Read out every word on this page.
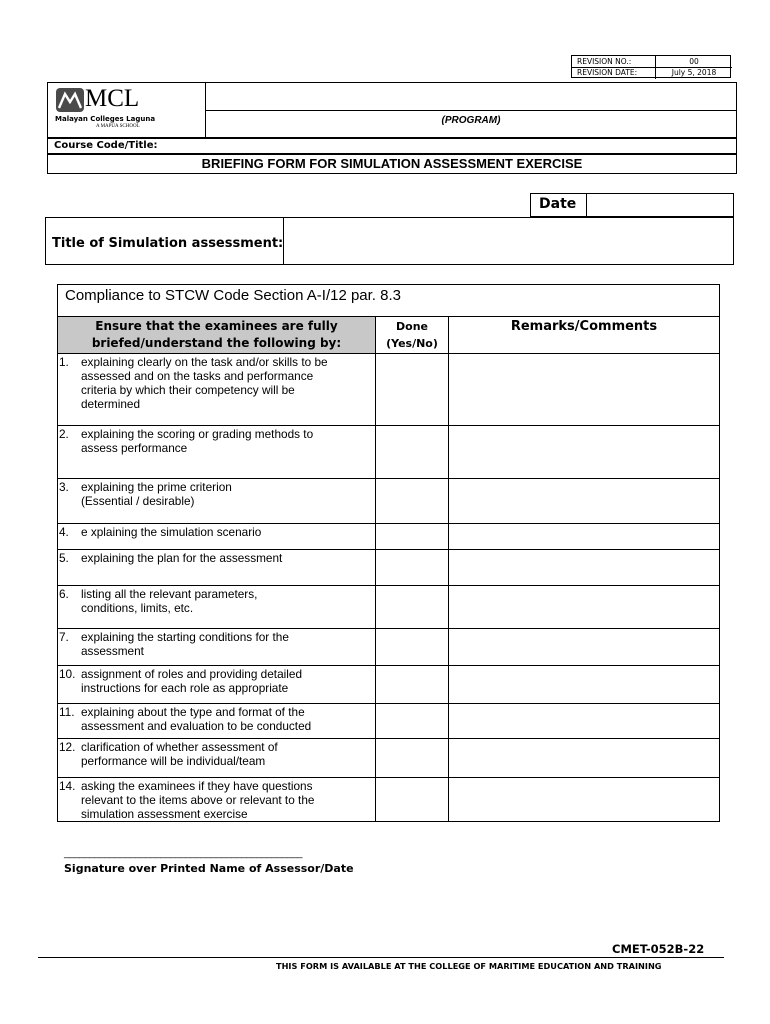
REVISION NO.:	00
REVISION DATE:	July 5, 2018
MCL
Malayan Colleges Laguna
A MAPÚA SCHOOL
(PROGRAM)
Course Code/Title:
BRIEFING FORM FOR SIMULATION ASSESSMENT EXERCISE
Date
Title of Simulation assessment:
Compliance to STCW Code Section A-I/12 par. 8.3
Ensure that the examinees are fully
briefed/understand the following by:
Done
(Yes/No)
Remarks/Comments
1. explaining clearly on the task and/or skills to be
assessed and on the tasks and performance
criteria by which their competency will be
determined
2. explaining the scoring or grading methods to
assess performance
3. explaining the prime criterion
(Essential / desirable)
4. e xplaining the simulation scenario
5. explaining the plan for the assessment
6. listing all the relevant parameters,
conditions, limits, etc.
7. explaining the starting conditions for the
assessment
10. assignment of roles and providing detailed
instructions for each role as appropriate
11. explaining about the type and format of the
assessment and evaluation to be conducted
12. clarification of whether assessment of
performance will be individual/team
14. asking the examinees if they have questions
relevant to the items above or relevant to the
simulation assessment exercise
_______________________________________________
Signature over Printed Name of Assessor/Date
CMET-052B-22
THIS FORM IS AVAILABLE AT THE COLLEGE OF MARITIME EDUCATION AND TRAINING
